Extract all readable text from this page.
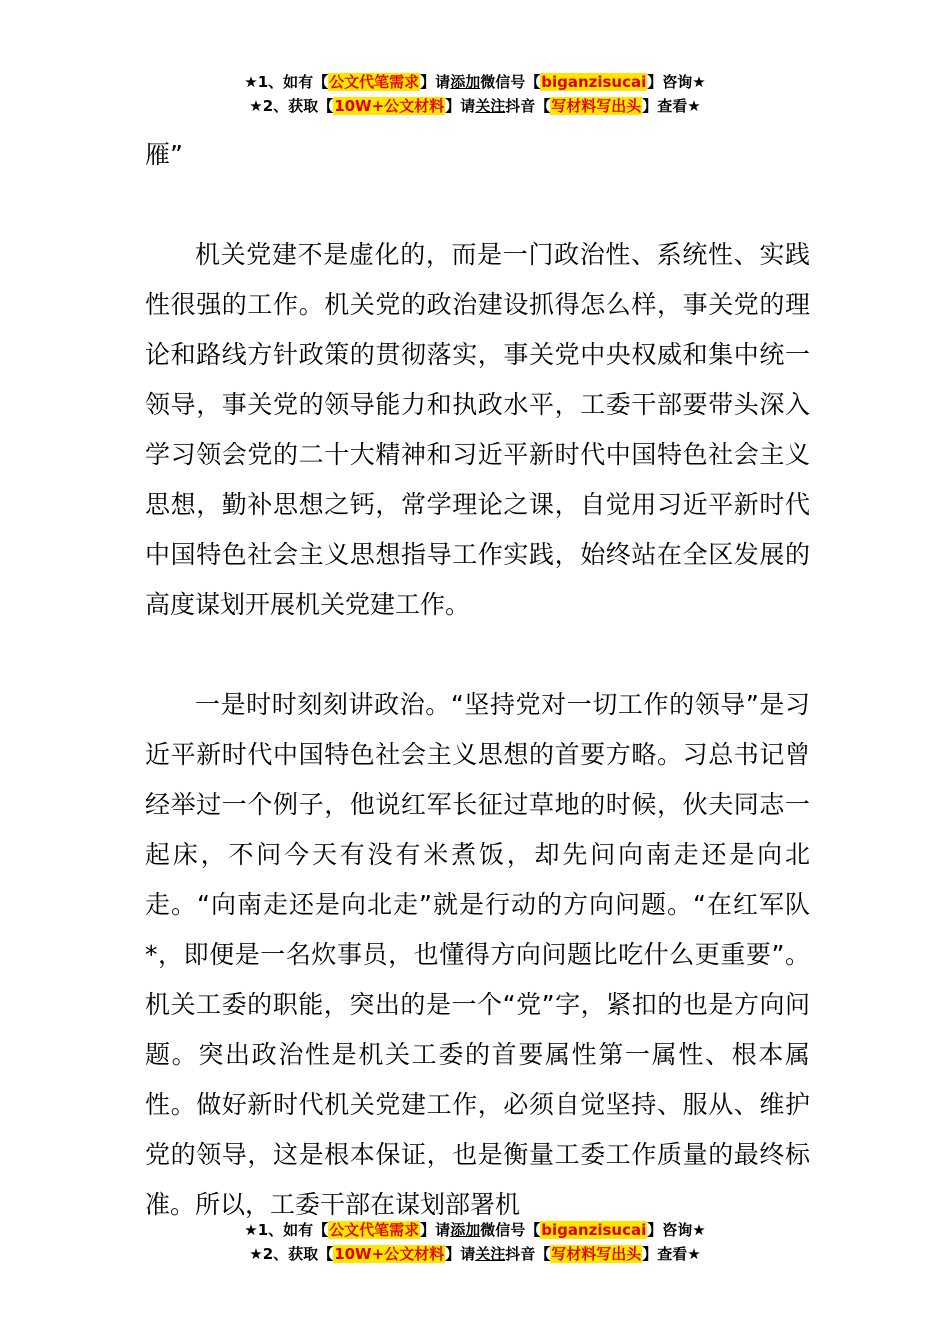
★1、如有【公文代笔需求】请添加微信号【biganzisucai】咨询★
★2、获取【10W+公文材料】请关注抖音【写材料写出头】查看★

雁”

机关党建不是虚化的，而是一门政治性、系统性、实践性很强的工作。机关党的政治建设抓得怎么样，事关党的理论和路线方针政策的贯彻落实，事关党中央权威和集中统一领导，事关党的领导能力和执政水平，工委干部要带头深入学习领会党的二十大精神和习近平新时代中国特色社会主义思想，勤补思想之钙，常学理论之课，自觉用习近平新时代中国特色社会主义思想指导工作实践，始终站在全区发展的高度谋划开展机关党建工作。

一是时时刻刻讲政治。“坚持党对一切工作的领导”是习近平新时代中国特色社会主义思想的首要方略。习总书记曾经举过一个例子，他说红军长征过草地的时候，伙夫同志一起床，不问今天有没有米煮饭，却先问向南走还是向北走。“向南走还是向北走”就是行动的方向问题。“在红军队*，即便是一名炊事员，也懂得方向问题比吃什么更重要”。机关工委的职能，突出的是一个“党”字，紧扣的也是方向问题。突出政治性是机关工委的首要属性第一属性、根本属性。做好新时代机关党建工作，必须自觉坚持、服从、维护党的领导，这是根本保证，也是衡量工委工作质量的最终标准。所以，工委干部在谋划部署机

★1、如有【公文代笔需求】请添加微信号【biganzisucai】咨询★
★2、获取【10W+公文材料】请关注抖音【写材料写出头】查看★
